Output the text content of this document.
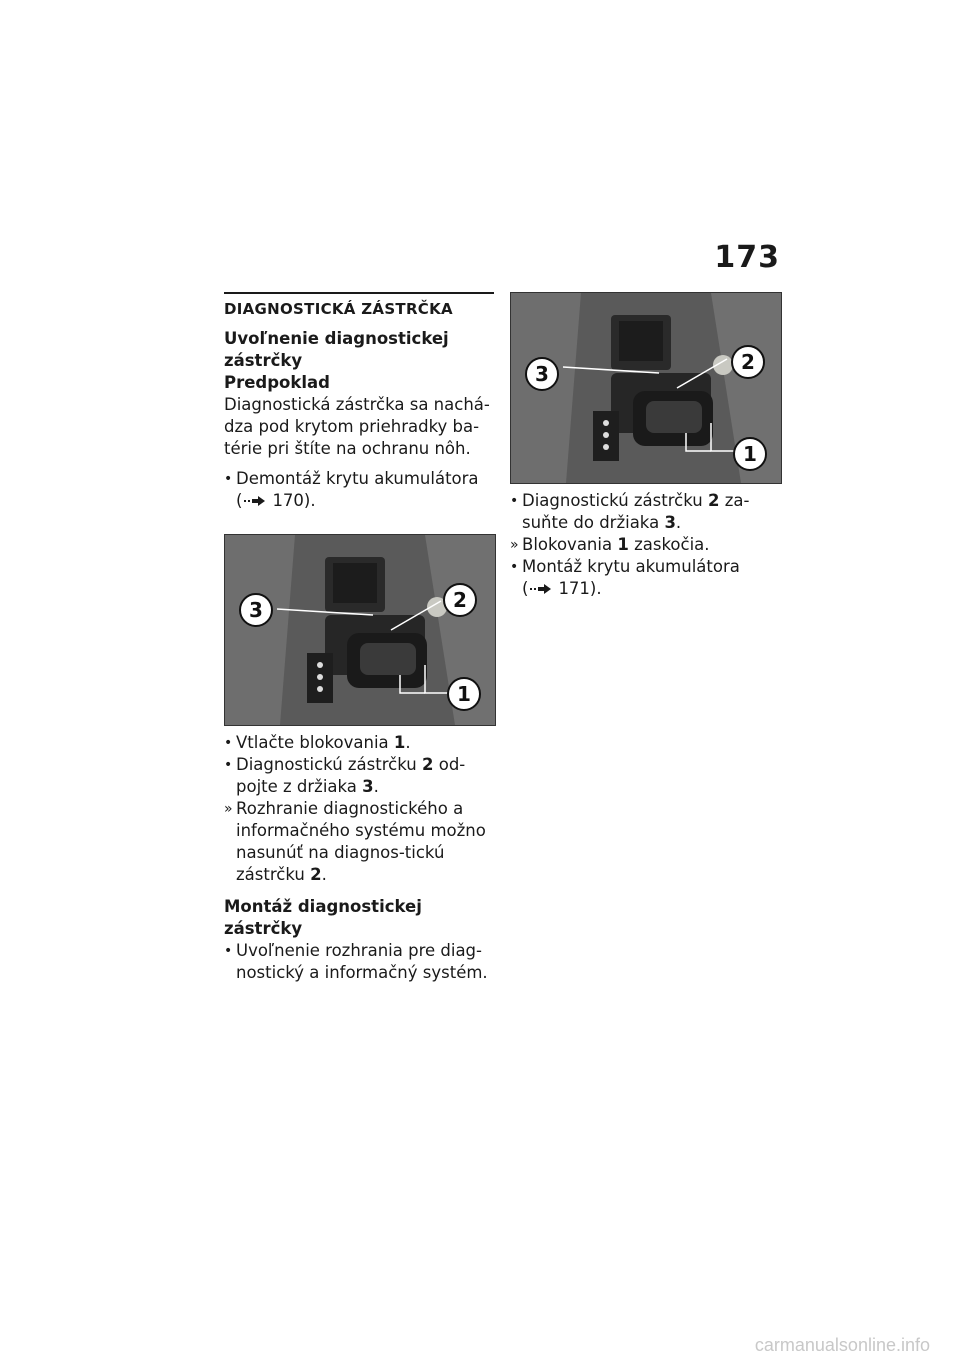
173
DIAGNOSTICKÁ ZÁSTRČKA
Uvoľnenie diagnostickej zástrčky
Predpoklad
Diagnostická zástrčka sa nachá-dza pod krytom priehradky ba-térie pri štíte na ochranu nôh.
• Demontáž krytu akumulátora

( 170).
3	2
1
• Vtlačte blokovania 1.
• Diagnostickú zástrčku 2 od-pojte z držiaka 3.
» Rozhranie diagnostického a informačného systému možno nasunúť na diagnos-tickú zástrčku 2.
Montáž diagnostickej zástrčky
• Uvoľnenie rozhrania pre diag-nostický a informačný systém.
3	2
1
• Diagnostickú zástrčku 2 za-suňte do držiaka 3.
» Blokovania 1 zaskočia.
• Montáž krytu akumulátora

( 171).
carmanualsonline.info
